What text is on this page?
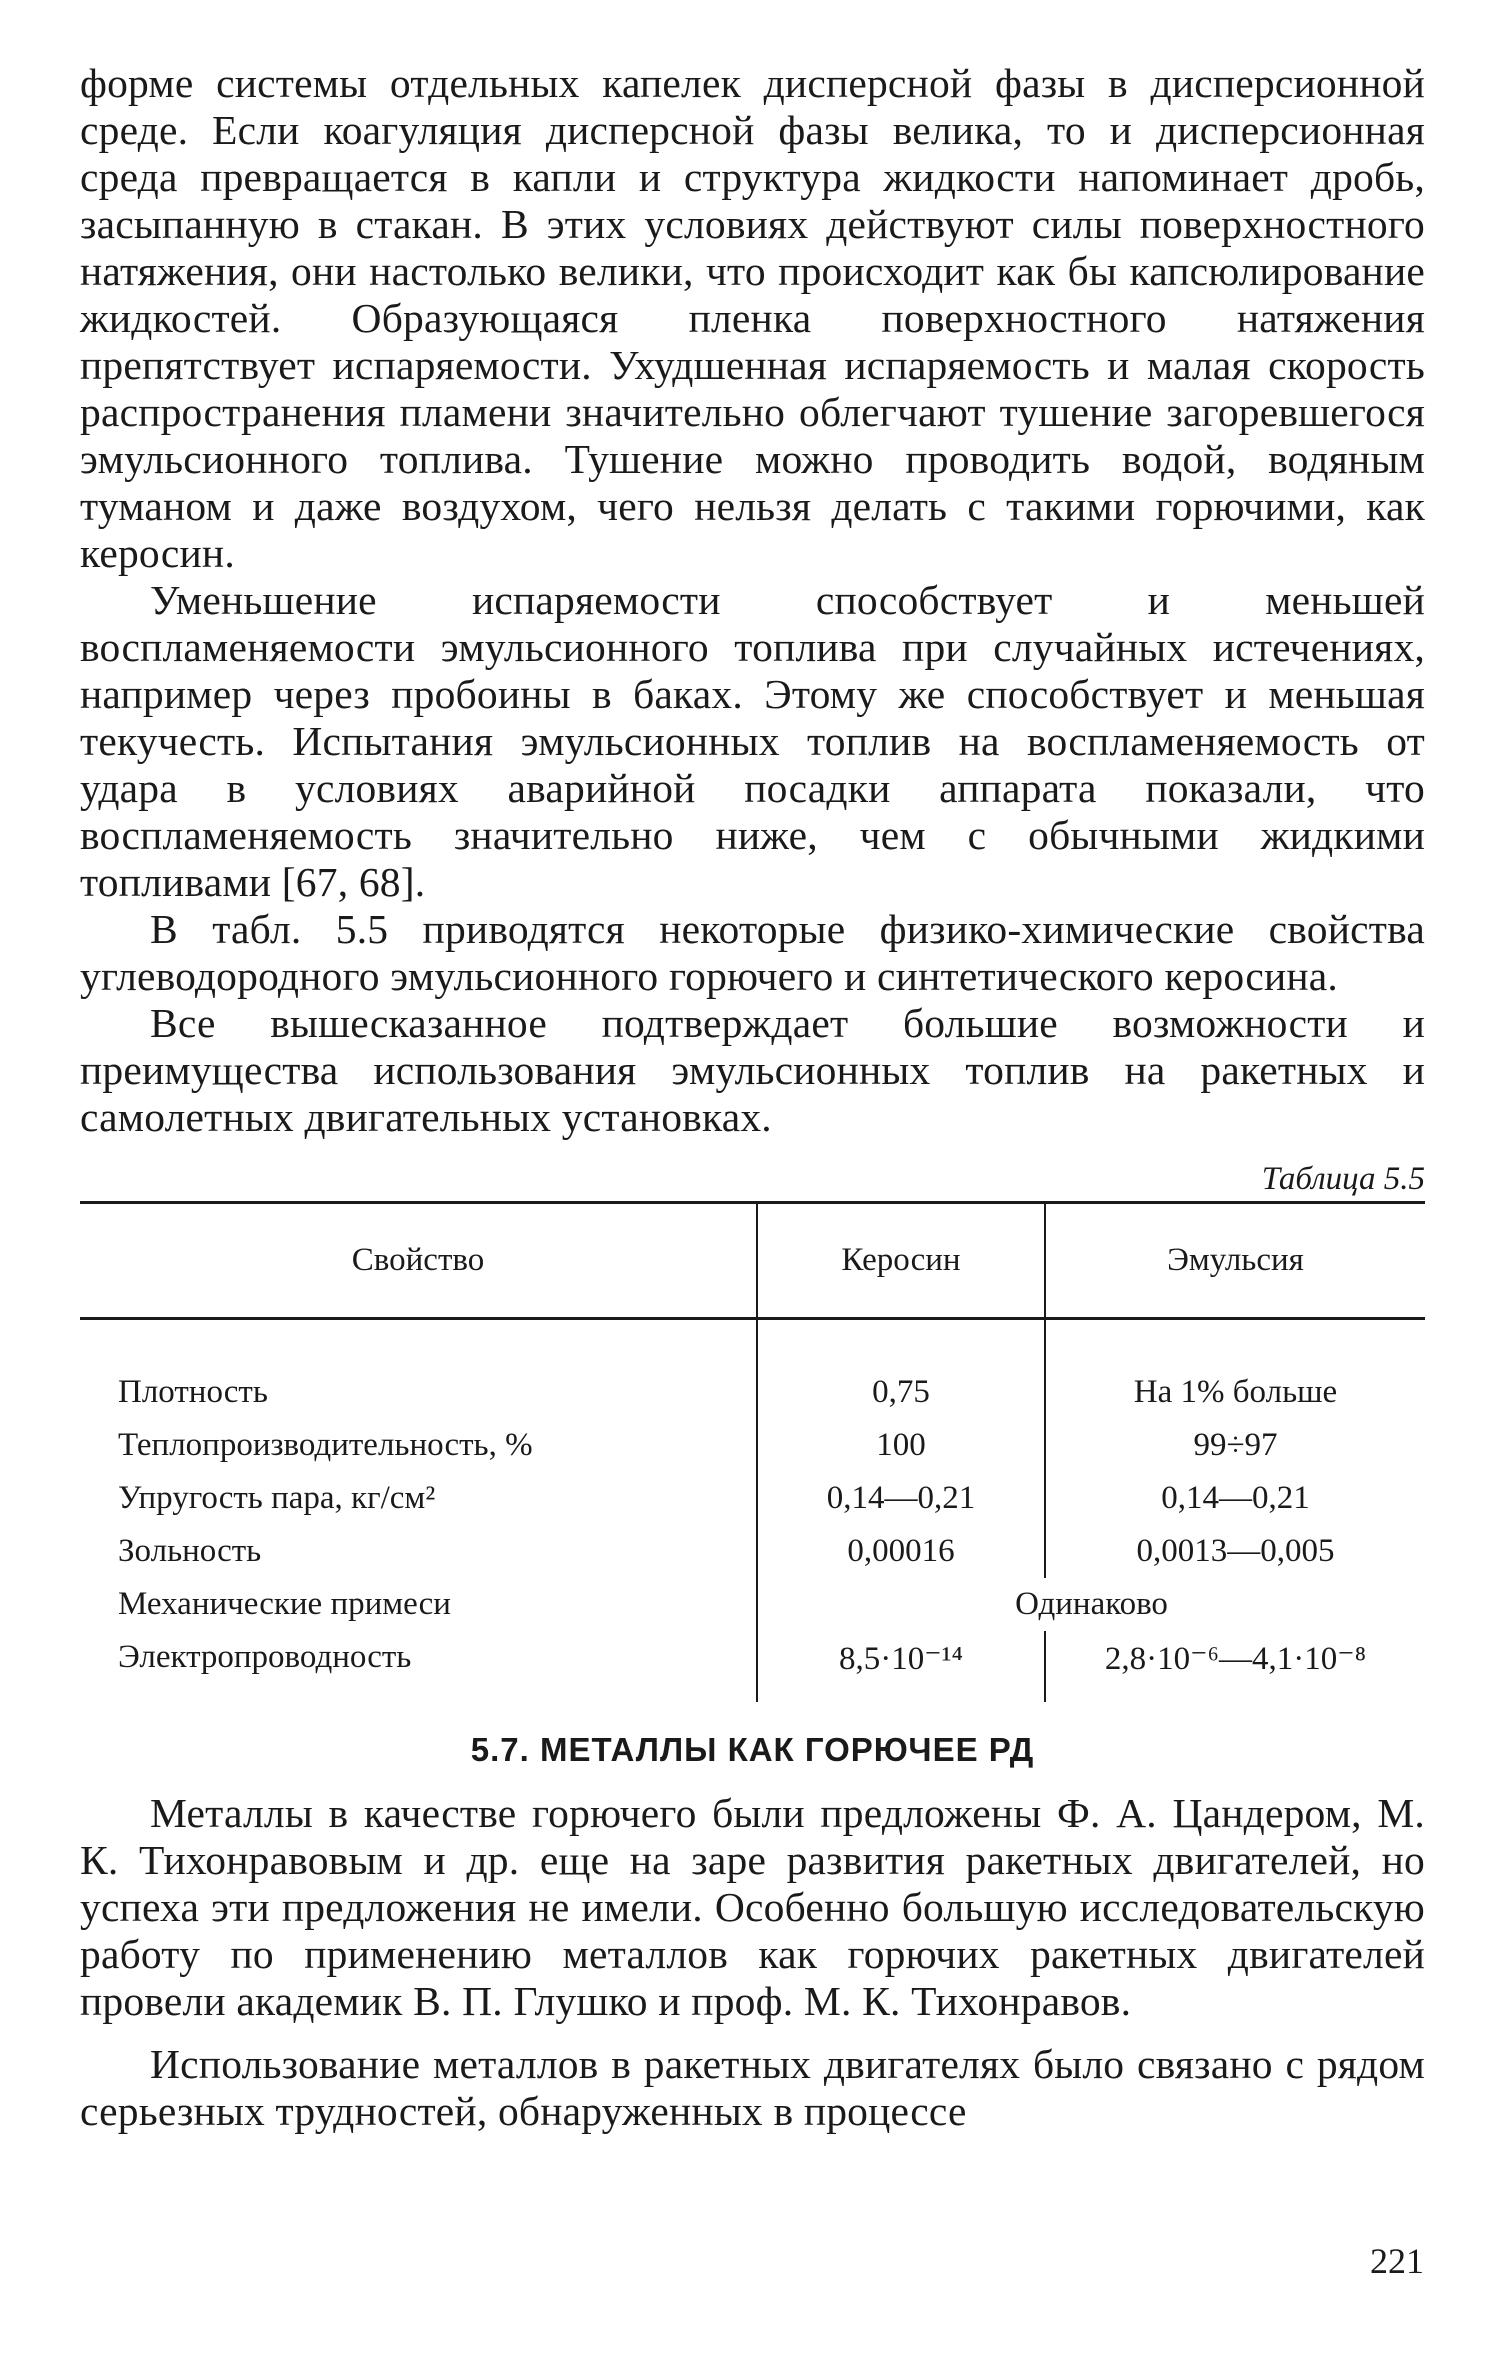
форме системы отдельных капелек дисперсной фазы в дисперсионной среде. Если коагуляция дисперсной фазы велика, то и дисперсионная среда превращается в капли и структура жидкости напоминает дробь, засыпанную в стакан. В этих условиях действуют силы поверхностного натяжения, они настолько велики, что происходит как бы капсюлирование жидкостей. Образующаяся пленка поверхностного натяжения препятствует испаряемости. Ухудшенная испаряемость и малая скорость распространения пламени значительно облегчают тушение загоревшегося эмульсионного топлива. Тушение можно проводить водой, водяным туманом и даже воздухом, чего нельзя делать с такими горючими, как керосин.

Уменьшение испаряемости способствует и меньшей воспламеняемости эмульсионного топлива при случайных истечениях, например через пробоины в баках. Этому же способствует и меньшая текучесть. Испытания эмульсионных топлив на воспламеняемость от удара в условиях аварийной посадки аппарата показали, что воспламеняемость значительно ниже, чем с обычными жидкими топливами [67, 68].

В табл. 5.5 приводятся некоторые физико-химические свойства углеводородного эмульсионного горючего и синтетического керосина.

Все вышесказанное подтверждает большие возможности и преимущества использования эмульсионных топлив на ракетных и самолетных двигательных установках.

Таблица 5.5
Свойство	Керосин	Эмульсия
Плотность	0,75	На 1% больше
Теплопроизводительность, %	100	99÷97
Упругость пара, кг/см²	0,14—0,21	0,14—0,21
Зольность	0,00016	0,0013—0,005
Механические примеси	Одинаково	
Электропроводность	8,5·10⁻¹⁴	2,8·10⁻⁶—4,1·10⁻⁸
5.7. МЕТАЛЛЫ КАК ГОРЮЧЕЕ РД

Металлы в качестве горючего были предложены Ф. А. Цандером, М. К. Тихонравовым и др. еще на заре развития ракетных двигателей, но успеха эти предложения не имели. Особенно большую исследовательскую работу по применению металлов как горючих ракетных двигателей провели академик В. П. Глушко и проф. М. К. Тихонравов.

Использование металлов в ракетных двигателях было связано с рядом серьезных трудностей, обнаруженных в процессе

221
